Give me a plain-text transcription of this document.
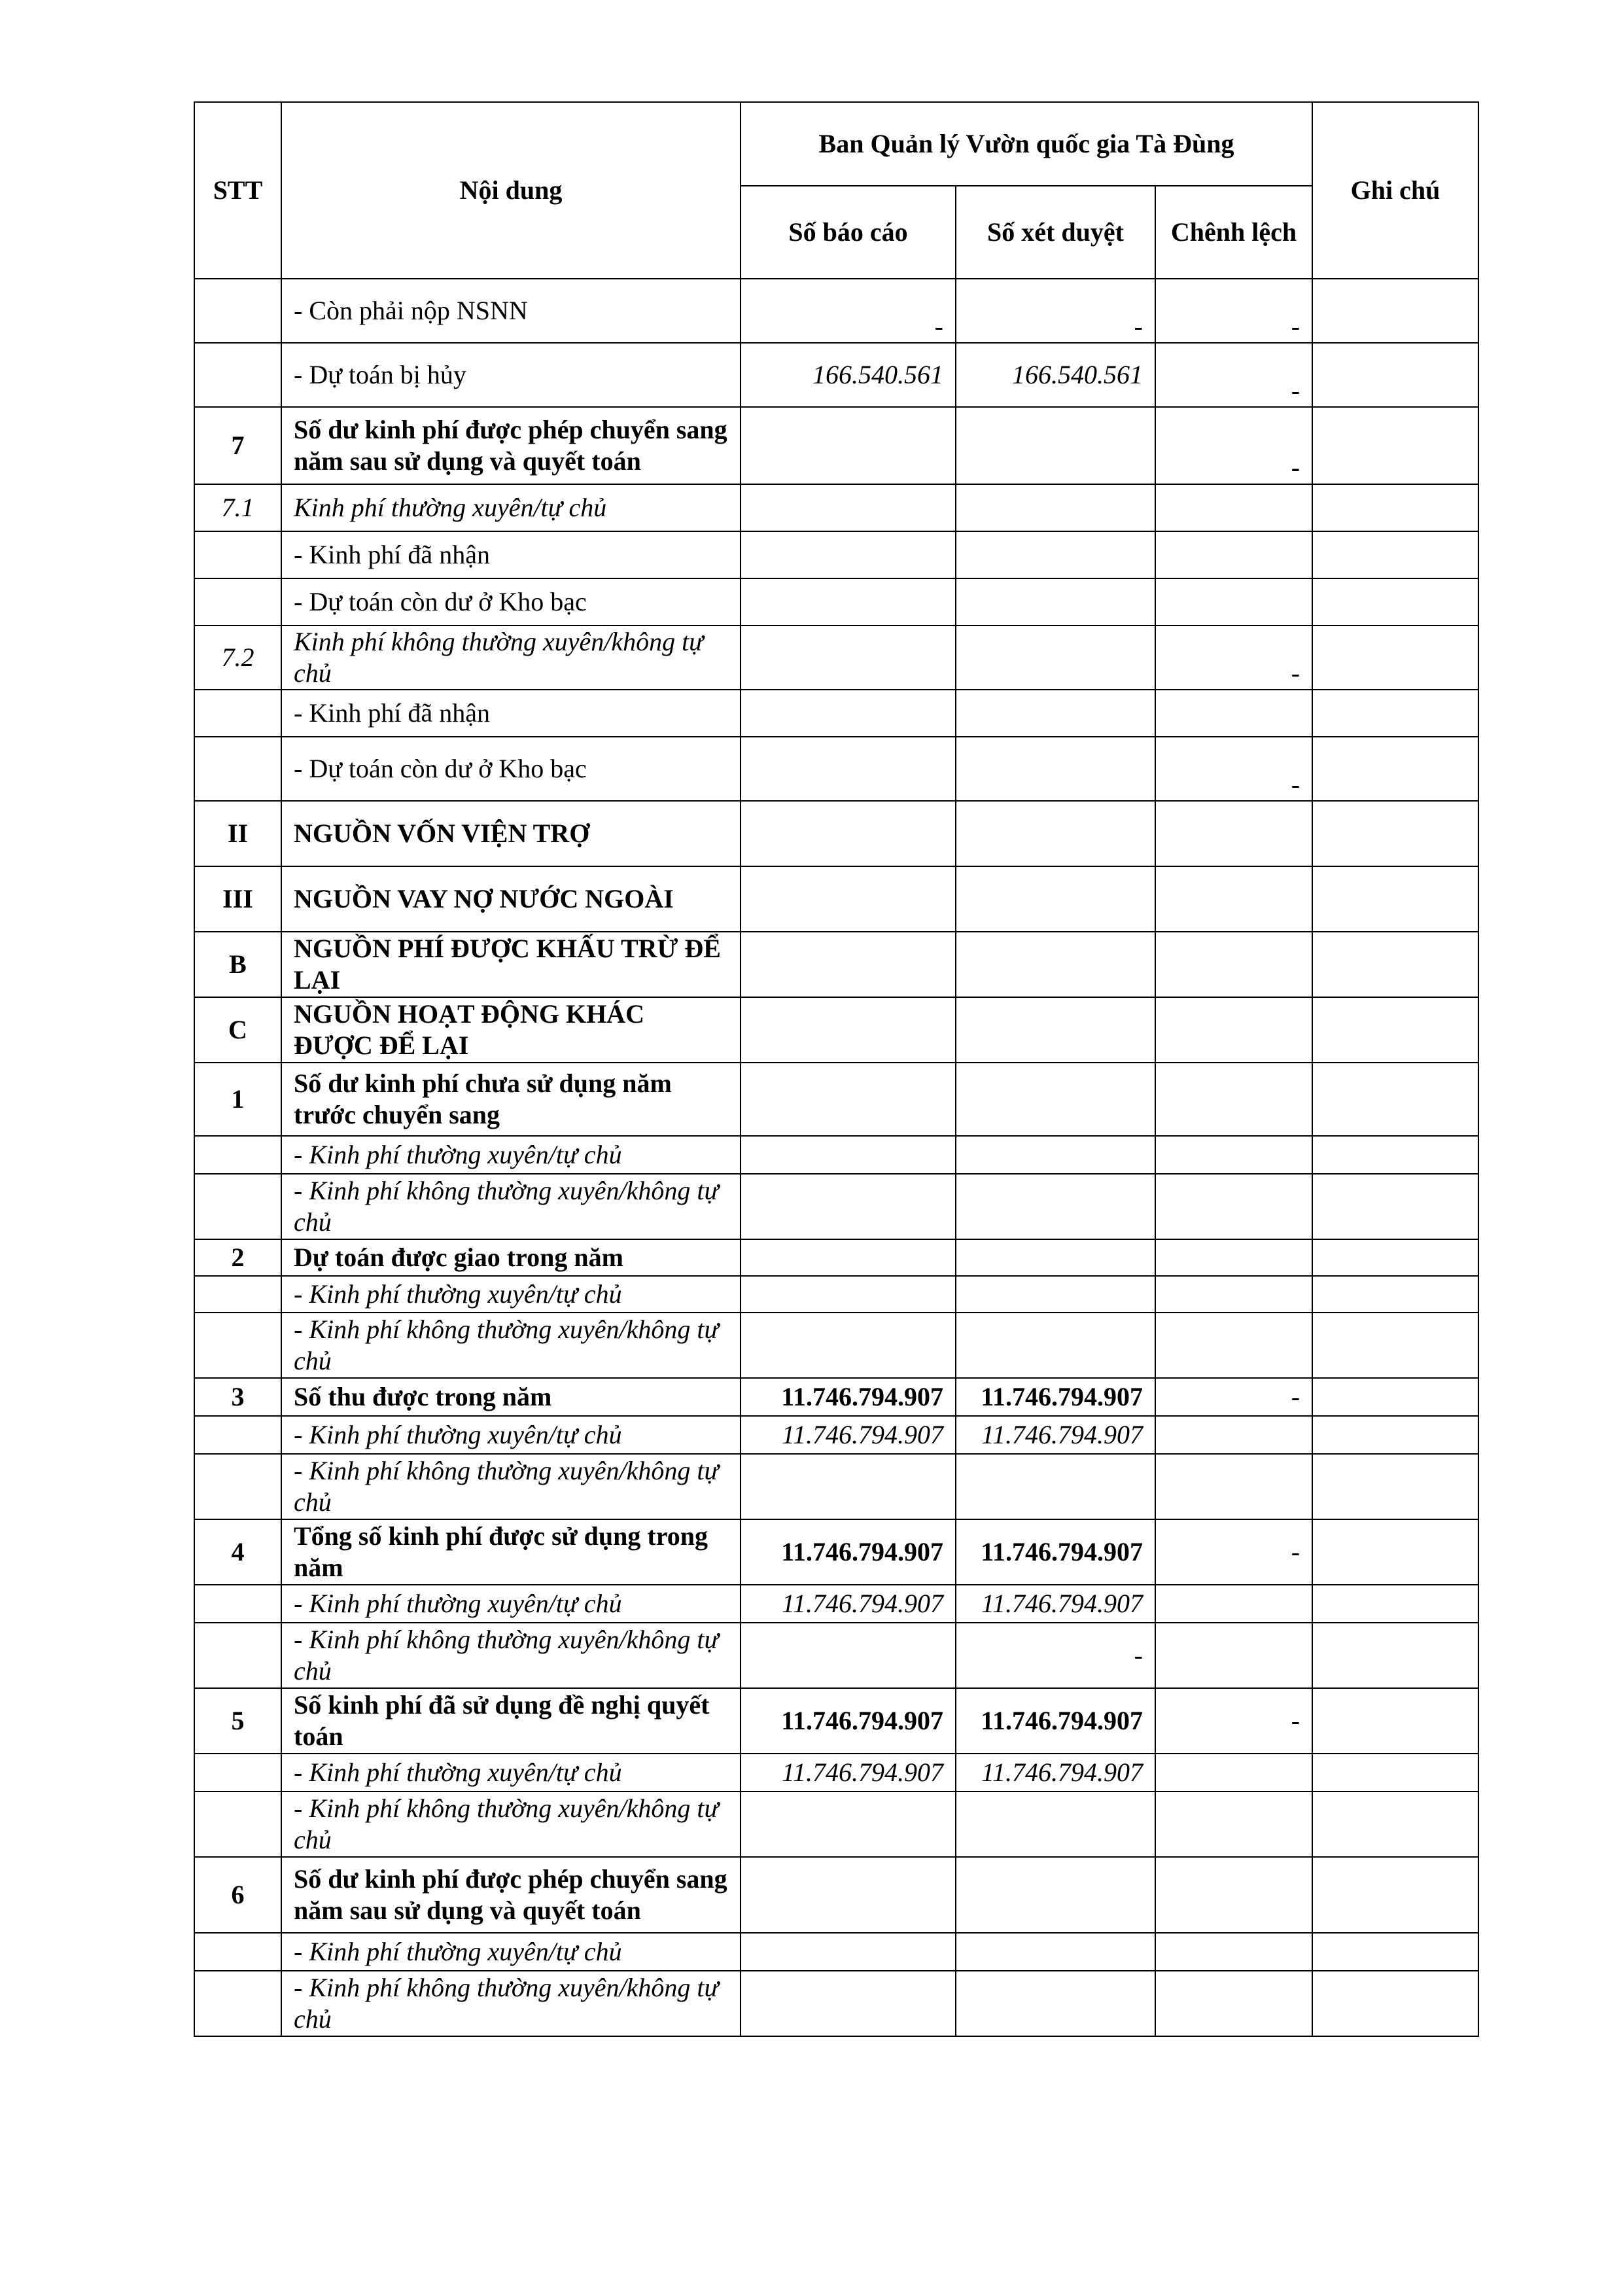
STT	Nội dung	Ban Quản lý Vườn quốc gia Tà Đùng			Ghi chú
		Số báo cáo	Số xét duyệt	Chênh lệch	
	- Còn phải nộp NSNN	-	-	-	
	- Dự toán bị hủy	166.540.561	166.540.561	-	
7	Số dư kinh phí được phép chuyển sang năm sau sử dụng và quyết toán			-	
7.1	Kinh phí thường xuyên/tự chủ				
	- Kinh phí đã nhận				
	- Dự toán còn dư ở Kho bạc				
7.2	Kinh phí không thường xuyên/không tự chủ			-	
	- Kinh phí đã nhận				
	- Dự toán còn dư ở Kho bạc			-	
II	NGUỒN VỐN VIỆN TRỢ				
III	NGUỒN VAY NỢ NƯỚC NGOÀI				
B	NGUỒN PHÍ ĐƯỢC KHẤU TRỪ ĐỂ LẠI				
C	NGUỒN HOẠT ĐỘNG KHÁC ĐƯỢC ĐỂ LẠI				
1	Số dư kinh phí chưa sử dụng năm trước chuyển sang				
	- Kinh phí thường xuyên/tự chủ				
	- Kinh phí không thường xuyên/không tự chủ				
2	Dự toán được giao trong năm				
	- Kinh phí thường xuyên/tự chủ				
	- Kinh phí không thường xuyên/không tự chủ				
3	Số thu được trong năm	11.746.794.907	11.746.794.907	-	
	- Kinh phí thường xuyên/tự chủ	11.746.794.907	11.746.794.907		
	- Kinh phí không thường xuyên/không tự chủ				
4	Tổng số kinh phí được sử dụng trong năm	11.746.794.907	11.746.794.907	-	
	- Kinh phí thường xuyên/tự chủ	11.746.794.907	11.746.794.907		
	- Kinh phí không thường xuyên/không tự chủ		-		
5	Số kinh phí đã sử dụng đề nghị quyết toán	11.746.794.907	11.746.794.907	-	
	- Kinh phí thường xuyên/tự chủ	11.746.794.907	11.746.794.907		
	- Kinh phí không thường xuyên/không tự chủ				
6	Số dư kinh phí được phép chuyển sang năm sau sử dụng và quyết toán				
	- Kinh phí thường xuyên/tự chủ				
	- Kinh phí không thường xuyên/không tự chủ				
